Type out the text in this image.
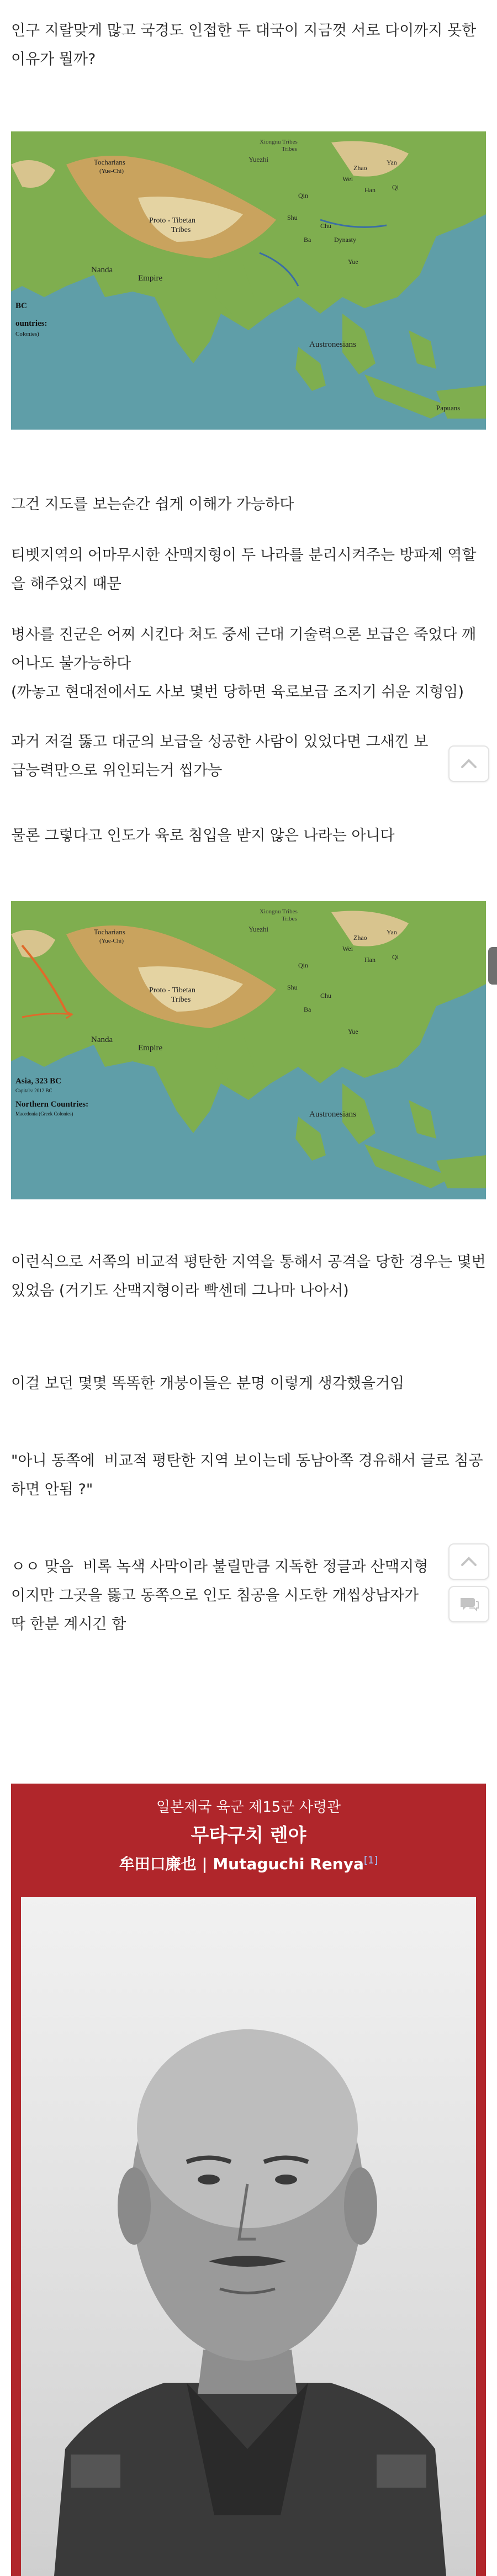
인구 지랄맞게 많고 국경도 인접한 두 대국이 지금껏 서로 다이까지 못한 이유가 뭘까?
Xiongnu Tribes
Tribes
Yuezhi
Tocharians
(Yue-Chi)
Proto - Tibetan
Tribes
Nanda
Empire
Chu
Qin
Wei
Han
Zhao
Yan
Qi
Shu
Dynasty
Ba
Yue
Austronesians
Papuans
BC
ountries:
Colonies)
그건 지도를 보는순간 쉽게 이해가 가능하다
티벳지역의 어마무시한 산맥지형이 두 나라를 분리시켜주는 방파제 역할을 해주었지 때문
병사를 진군은 어찌 시킨다 쳐도 중세 근대 기술력으론 보급은 죽었다 깨어나도 불가능하다
(까놓고 현대전에서도 사보 몇번 당하면 육로보급 조지기 쉬운 지형임)
과거 저걸 뚫고 대군의 보급을 성공한 사람이 있었다면 그새낀 보급능력만으로 위인되는거 씹가능
물론 그렇다고 인도가 육로 침입을 받지 않은 나라는 아니다
Xiongnu Tribes
Tribes
Yuezhi
Tocharians
(Yue-Chi)
Proto - Tibetan
Tribes
Nanda
Empire
Chu
Qin
Wei
Han
Zhao
Yan
Qi
Shu
Ba
Yue
Austronesians
Asia, 323 BC
Capitals: 2012 BC
Northern Countries:
Macedonia (Greek Colonies)
이런식으로 서쪽의 비교적 평탄한 지역을 통해서 공격을 당한 경우는 몇번 있었음 (거기도 산맥지형이라 빡센데 그나마 나아서)
이걸 보던 몇몇 똑똑한 개붕이들은 분명 이렇게 생각했을거임
"아니 동쪽에  비교적 평탄한 지역 보이는데 동남아쪽 경유해서 글로 침공하면 안됨 ?"
ㅇㅇ 맞음  비록 녹색 사막이라 불릴만큼 지독한 정글과 산맥지형이지만 그곳을 뚫고 동쪽으로 인도 침공을 시도한 개씹상남자가 딱 한분 계시긴 함
일본제국 육군 제15군 사령관
무타구치 렌야
牟田口廉也 | Mutaguchi Renya[1]
